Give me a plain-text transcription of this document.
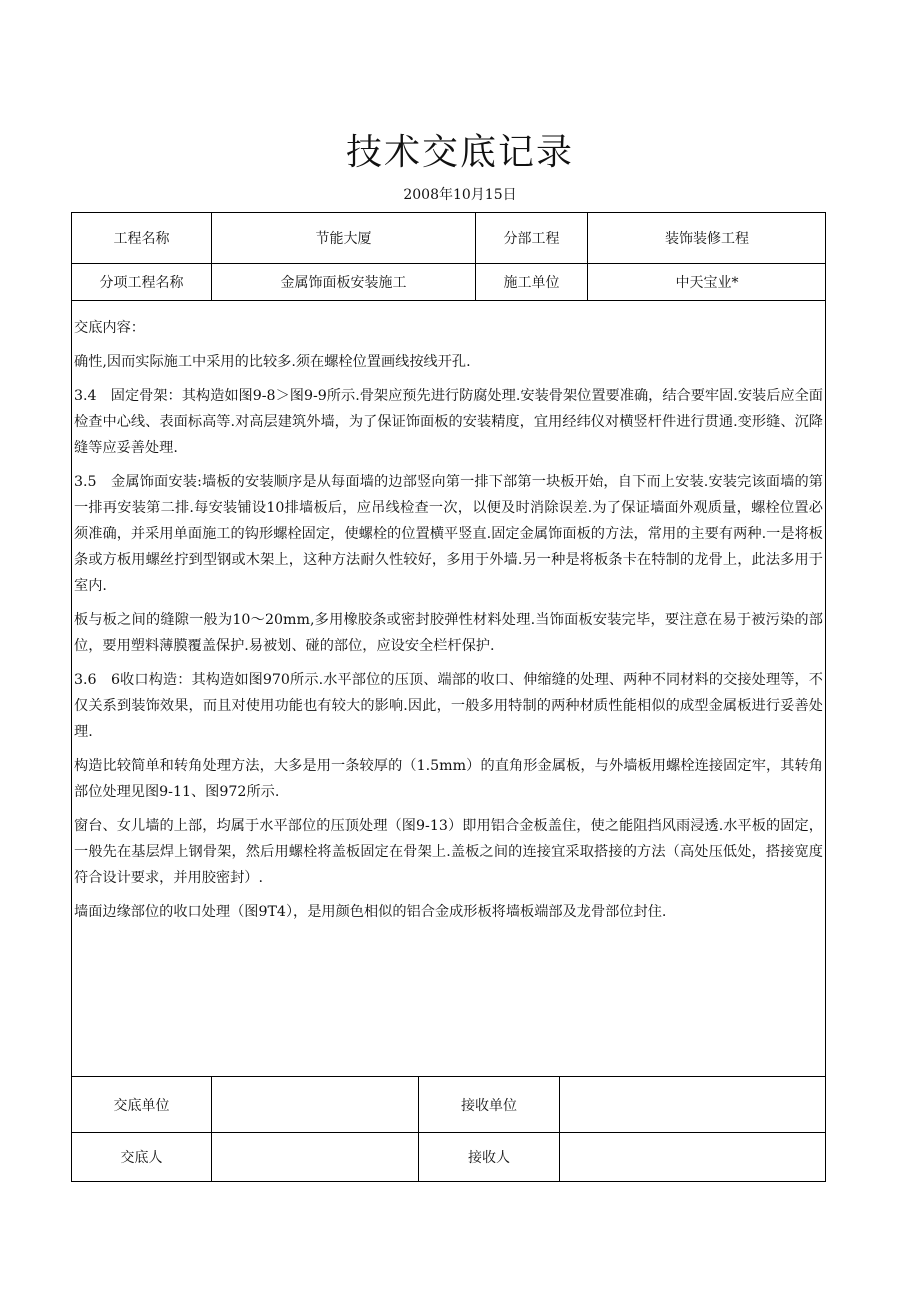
技术交底记录
2008年10月15日
工程名称	节能大厦	分部工程	装饰装修工程
分项工程名称	金属饰面板安装施工	施工单位	中天宝业*

交底内容：

确性,因而实际施工中采用的比较多.须在螺栓位置画线按线开孔.

3.4　固定骨架：其构造如图9-8＞图9-9所示.骨架应预先进行防腐处理.安装骨架位置要准确，结合要牢固.安装后应全面检查中心线、表面标高等.对高层建筑外墙，为了保证饰面板的安装精度，宜用经纬仪对横竖杆件进行贯通.变形缝、沉降缝等应妥善处理.

3.5　金属饰面安装:墙板的安装顺序是从每面墙的边部竖向第一排下部第一块板开始，自下而上安装.安装完该面墙的第一排再安装第二排.每安装铺设10排墙板后，应吊线检查一次，以便及时消除误差.为了保证墙面外观质量，螺栓位置必须准确，并采用单面施工的钩形螺栓固定，使螺栓的位置横平竖直.固定金属饰面板的方法，常用的主要有两种.一是将板条或方板用螺丝拧到型钢或木架上，这种方法耐久性较好，多用于外墙.另一种是将板条卡在特制的龙骨上，此法多用于室内.

板与板之间的缝隙一般为10～20mm,多用橡胶条或密封胶弹性材料处理.当饰面板安装完毕，要注意在易于被污染的部位，要用塑料薄膜覆盖保护.易被划、碰的部位，应设安全栏杆保护.

3.6　6收口构造：其构造如图970所示.水平部位的压顶、端部的收口、伸缩缝的处理、两种不同材料的交接处理等，不仅关系到装饰效果，而且对使用功能也有较大的影响.因此，一般多用特制的两种材质性能相似的成型金属板进行妥善处理.

构造比较简单和转角处理方法，大多是用一条较厚的（1.5mm）的直角形金属板，与外墙板用螺栓连接固定牢，其转角部位处理见图9-11、图972所示.

窗台、女儿墙的上部，均属于水平部位的压顶处理（图9-13）即用铝合金板盖住，使之能阻挡风雨浸透.水平板的固定，一般先在基层焊上钢骨架，然后用螺栓将盖板固定在骨架上.盖板之间的连接宜采取搭接的方法（高处压低处，搭接宽度符合设计要求，并用胶密封）.

墙面边缘部位的收口处理（图9T4），是用颜色相似的铝合金成形板将墙板端部及龙骨部位封住.

交底单位	接收单位
交底人	接收人
